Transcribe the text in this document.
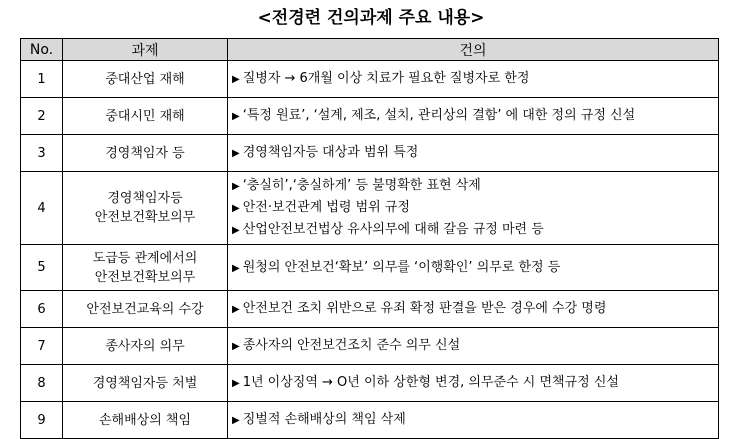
<전경련 건의과제 주요 내용>
No.	과제	건의
1	중대산업 재해	▶ 질병자 → 6개월 이상 치료가 필요한 질병자로 한정

2	중대시민 재해	▶ ‘특정 원료’, ‘설계, 제조, 설치, 관리상의 결함’ 에 대한 정의 규정 신설

3	경영책임자 등	▶ 경영책임자등 대상과 범위 특정

4	경영책임자등
안전보건확보의무	▶ ‘충실히’,‘충실하게’ 등 불명확한 표현 삭제
▶ 안전·보건관계 법령 범위 규정
▶ 산업안전보건법상 유사의무에 대해 갈음 규정 마련 등

5	도급등 관계에서의
안전보건확보의무	▶ 원청의 안전보건‘확보’ 의무를 ‘이행확인’ 의무로 한정 등

6	안전보건교육의 수강	▶ 안전보건 조치 위반으로 유죄 확정 판결을 받은 경우에 수강 명령

7	종사자의 의무	▶ 종사자의 안전보건조치 준수 의무 신설

8	경영책임자등 처벌	▶ 1년 이상징역 → O년 이하 상한형 변경, 의무준수 시 면책규정 신설

9	손해배상의 책임	▶ 징벌적 손해배상의 책임 삭제
